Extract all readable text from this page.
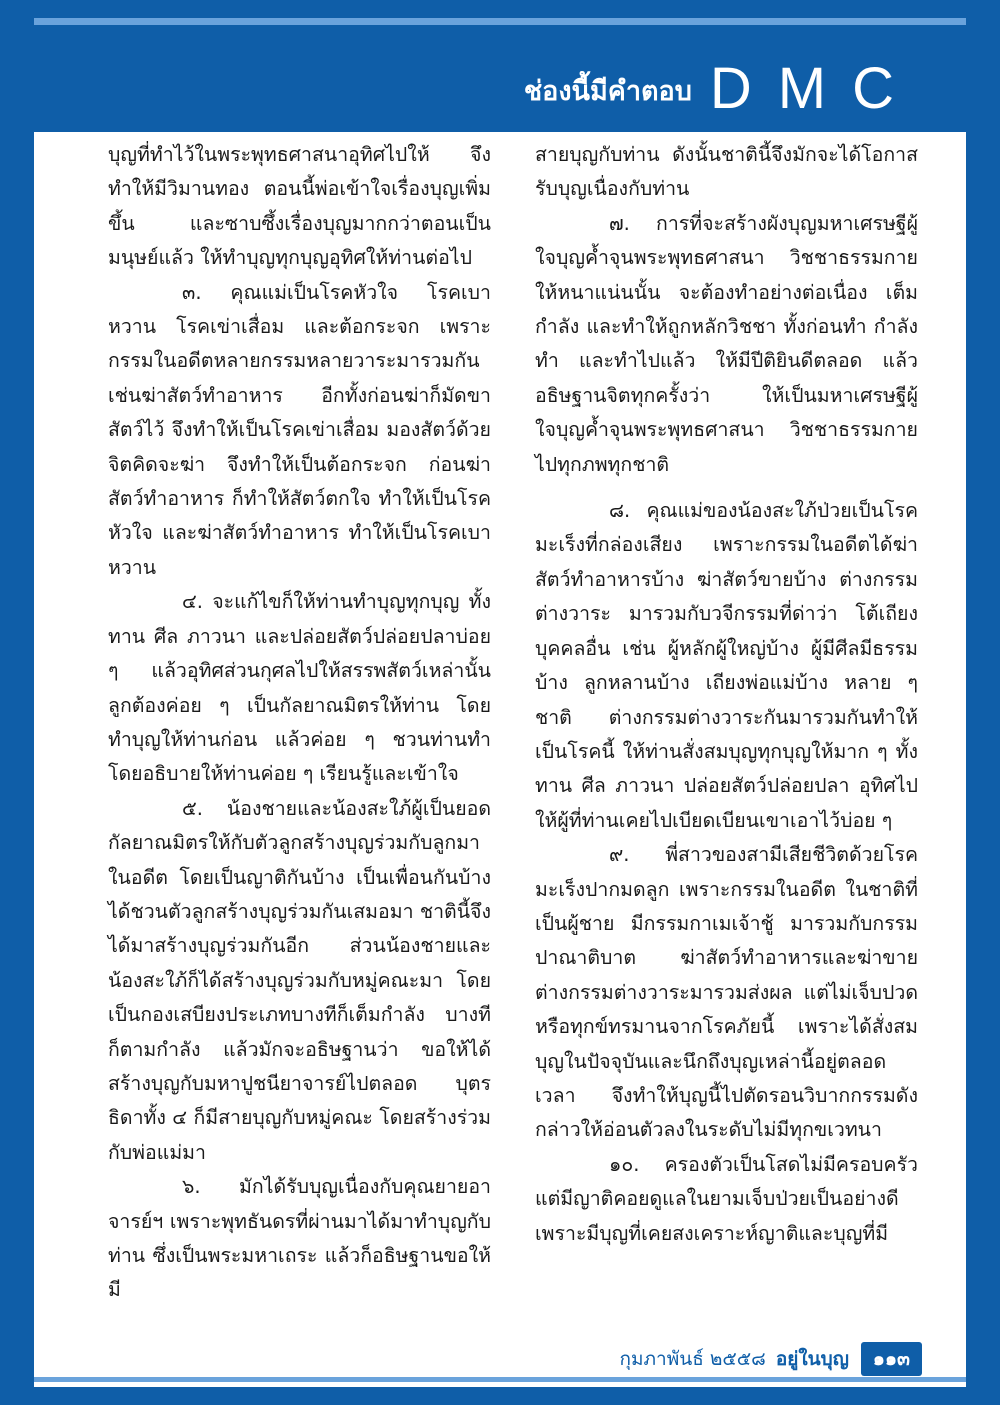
ช่องนี้มีคำตอบ DMC

บุญที่ทำไว้ในพระพุทธศาสนาอุทิศไปให้ จึงทำให้มีวิมานทอง ตอนนี้พ่อเข้าใจเรื่องบุญเพิ่มขึ้น และซาบซึ้งเรื่องบุญมากกว่าตอนเป็นมนุษย์แล้ว ให้ทำบุญทุกบุญอุทิศให้ท่านต่อไป

๓. คุณแม่เป็นโรคหัวใจ โรคเบาหวาน โรคเข่าเสื่อม และต้อกระจก เพราะกรรมในอดีตหลายกรรมหลายวาระมารวมกัน เช่นฆ่าสัตว์ทำอาหาร อีกทั้งก่อนฆ่าก็มัดขาสัตว์ไว้ จึงทำให้เป็นโรคเข่าเสื่อม มองสัตว์ด้วยจิตคิดจะฆ่า จึงทำให้เป็นต้อกระจก ก่อนฆ่าสัตว์ทำอาหาร ก็ทำให้สัตว์ตกใจ ทำให้เป็นโรคหัวใจ และฆ่าสัตว์ทำอาหาร ทำให้เป็นโรคเบาหวาน

๔. จะแก้ไขก็ให้ท่านทำบุญทุกบุญ ทั้งทาน ศีล ภาวนา และปล่อยสัตว์ปล่อยปลาบ่อย ๆ แล้วอุทิศส่วนกุศลไปให้สรรพสัตว์เหล่านั้น ลูกต้องค่อย ๆ เป็นกัลยาณมิตรให้ท่าน โดยทำบุญให้ท่านก่อน แล้วค่อย ๆ ชวนท่านทำ โดยอธิบายให้ท่านค่อย ๆ เรียนรู้และเข้าใจ

๕. น้องชายและน้องสะใภ้ผู้เป็นยอดกัลยาณมิตรให้กับตัวลูกสร้างบุญร่วมกับลูกมาในอดีต โดยเป็นญาติกันบ้าง เป็นเพื่อนกันบ้าง ได้ชวนตัวลูกสร้างบุญร่วมกันเสมอมา ชาตินี้จึงได้มาสร้างบุญร่วมกันอีก ส่วนน้องชายและน้องสะใภ้ก็ได้สร้างบุญร่วมกับหมู่คณะมา โดยเป็นกองเสบียงประเภทบางทีก็เต็มกำลัง บางทีก็ตามกำลัง แล้วมักจะอธิษฐานว่า ขอให้ได้สร้างบุญกับมหาปูชนียาจารย์ไปตลอด บุตรธิดาทั้ง ๔ ก็มีสายบุญกับหมู่คณะ โดยสร้างร่วมกับพ่อแม่มา

๖. มักได้รับบุญเนื่องกับคุณยายอาจารย์ฯ เพราะพุทธันดรที่ผ่านมาได้มาทำบุญกับท่าน ซึ่งเป็นพระมหาเถระ แล้วก็อธิษฐานขอให้มี

สายบุญกับท่าน ดังนั้นชาตินี้จึงมักจะได้โอกาสรับบุญเนื่องกับท่าน

๗. การที่จะสร้างผังบุญมหาเศรษฐีผู้ใจบุญค้ำจุนพระพุทธศาสนา วิชชาธรรมกายให้หนาแน่นนั้น จะต้องทำอย่างต่อเนื่อง เต็มกำลัง และทำให้ถูกหลักวิชชา ทั้งก่อนทำ กำลังทำ และทำไปแล้ว ให้มีปีติยินดีตลอด แล้วอธิษฐานจิตทุกครั้งว่า ให้เป็นมหาเศรษฐีผู้ใจบุญค้ำจุนพระพุทธศาสนา วิชชาธรรมกาย ไปทุกภพทุกชาติ

๘. คุณแม่ของน้องสะใภ้ป่วยเป็นโรคมะเร็งที่กล่องเสียง เพราะกรรมในอดีตได้ฆ่าสัตว์ทำอาหารบ้าง ฆ่าสัตว์ขายบ้าง ต่างกรรมต่างวาระ มารวมกับวจีกรรมที่ด่าว่า โต้เถียงบุคคลอื่น เช่น ผู้หลักผู้ใหญ่บ้าง ผู้มีศีลมีธรรมบ้าง ลูกหลานบ้าง เถียงพ่อแม่บ้าง หลาย ๆ ชาติ ต่างกรรมต่างวาระกันมารวมกันทำให้เป็นโรคนี้ ให้ท่านสั่งสมบุญทุกบุญให้มาก ๆ ทั้งทาน ศีล ภาวนา ปล่อยสัตว์ปล่อยปลา อุทิศไปให้ผู้ที่ท่านเคยไปเบียดเบียนเขาเอาไว้บ่อย ๆ

๙. พี่สาวของสามีเสียชีวิตด้วยโรคมะเร็งปากมดลูก เพราะกรรมในอดีต ในชาติที่เป็นผู้ชาย มีกรรมกาเมเจ้าชู้ มารวมกับกรรมปาณาติบาต ฆ่าสัตว์ทำอาหารและฆ่าขาย ต่างกรรมต่างวาระมารวมส่งผล แต่ไม่เจ็บปวดหรือทุกข์ทรมานจากโรคภัยนี้ เพราะได้สั่งสมบุญในปัจจุบันและนึกถึงบุญเหล่านี้อยู่ตลอดเวลา จึงทำให้บุญนี้ไปตัดรอนวิบากกรรมดังกล่าวให้อ่อนตัวลงในระดับไม่มีทุกขเวทนา

๑๐. ครองตัวเป็นโสดไม่มีครอบครัว แต่มีญาติคอยดูแลในยามเจ็บป่วยเป็นอย่างดี เพราะมีบุญที่เคยสงเคราะห์ญาติและบุญที่มี

กุมภาพันธ์ ๒๕๕๘ อยู่ในบุญ	๑๑๓
